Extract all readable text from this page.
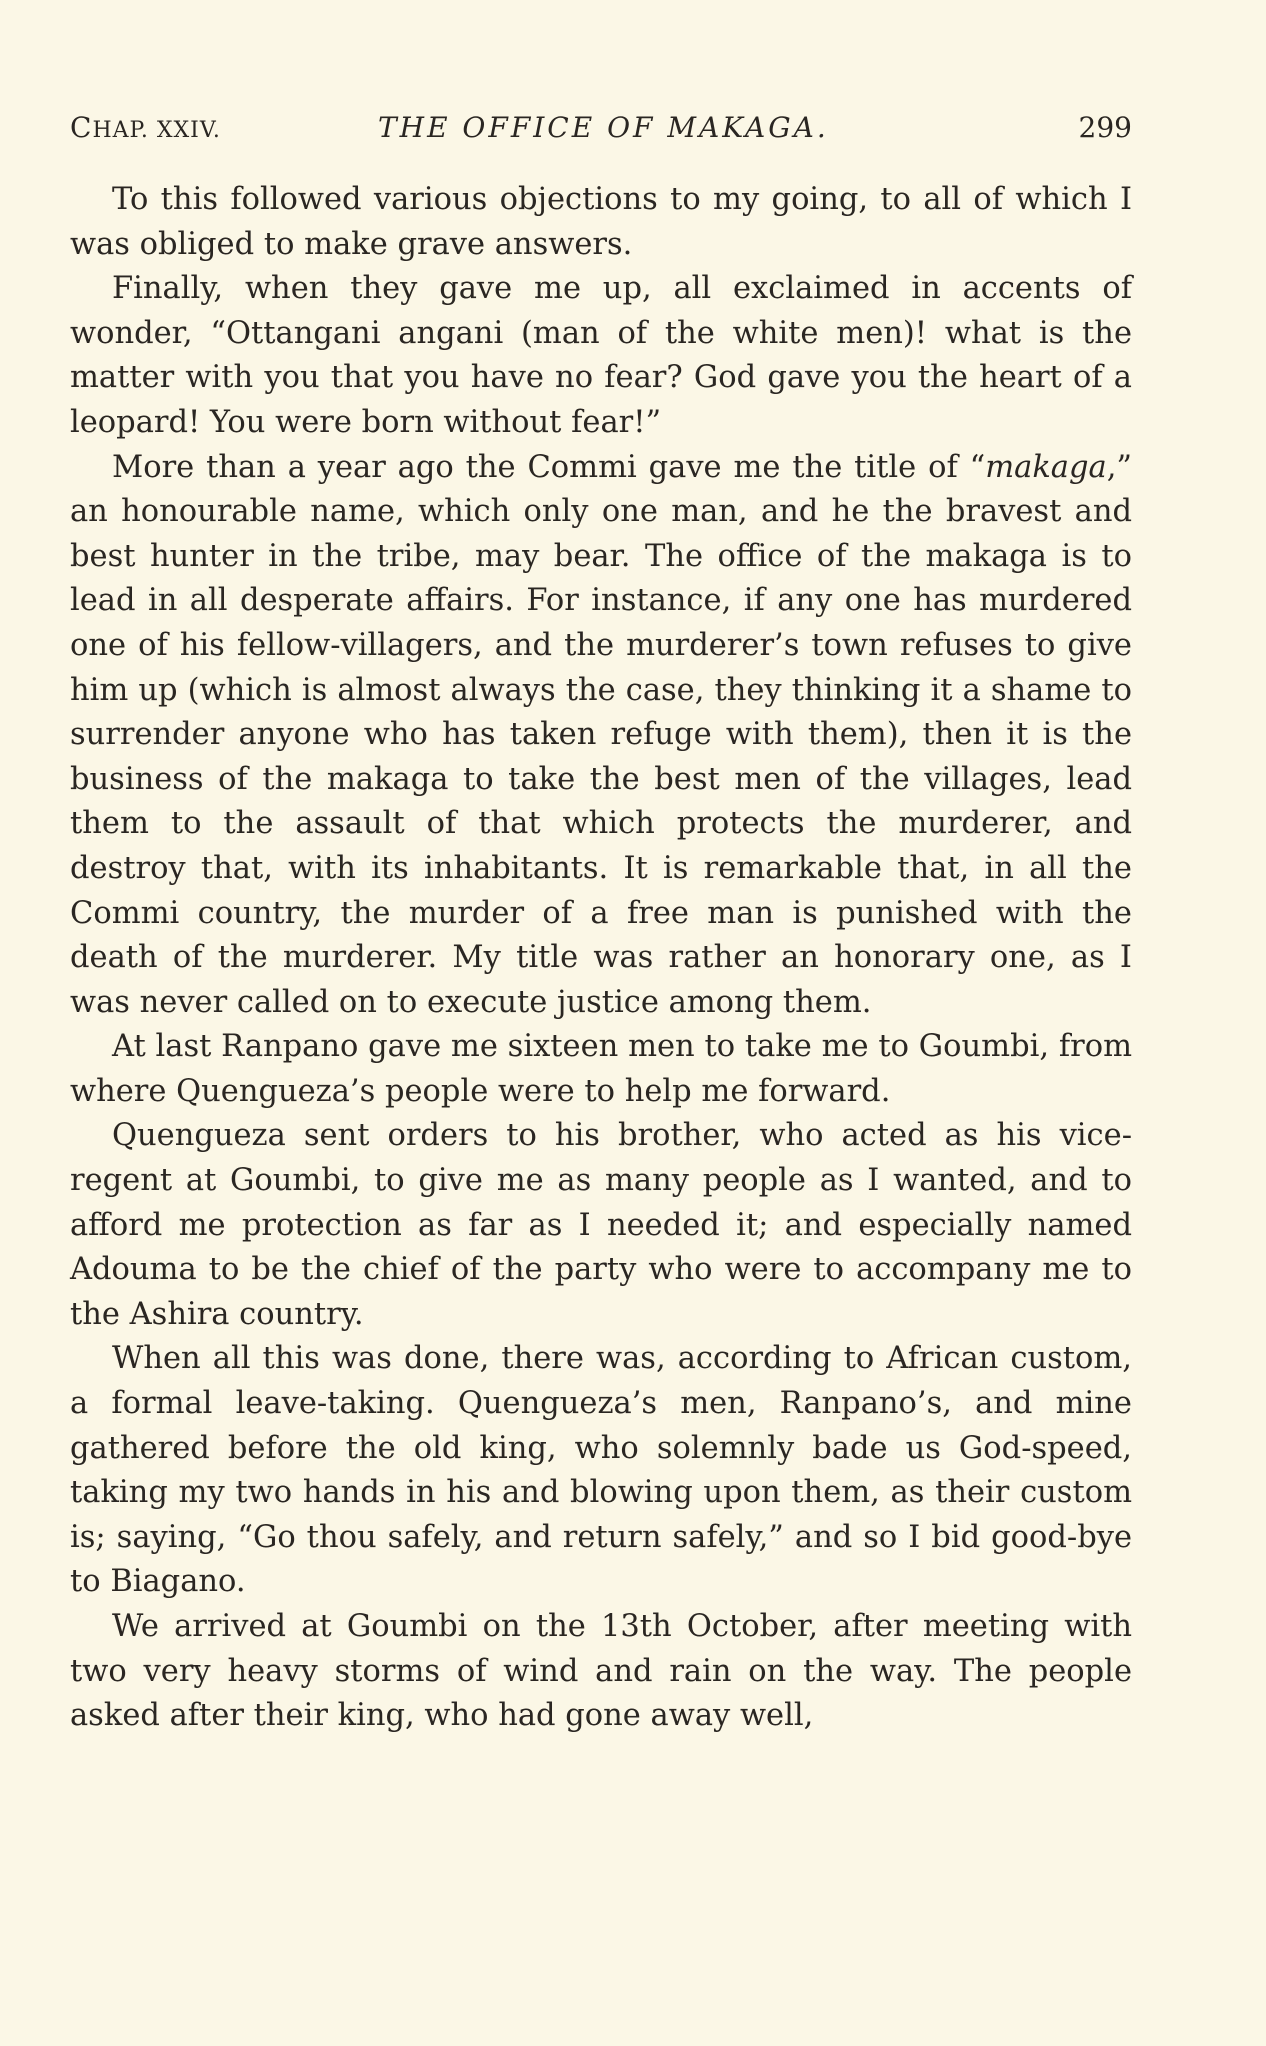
CHAP. XXIV.	THE OFFICE OF MAKAGA.	299

To this followed various objections to my going, to all of which I was obliged to make grave answers.

Finally, when they gave me up, all exclaimed in accents of wonder, “Ottangani angani (man of the white men)! what is the matter with you that you have no fear? God gave you the heart of a leopard! You were born without fear!”

More than a year ago the Commi gave me the title of “makaga,” an honourable name, which only one man, and he the bravest and best hunter in the tribe, may bear. The office of the makaga is to lead in all desperate affairs. For instance, if any one has murdered one of his fellow-villagers, and the murderer’s town refuses to give him up (which is almost always the case, they thinking it a shame to surrender anyone who has taken refuge with them), then it is the business of the makaga to take the best men of the villages, lead them to the assault of that which protects the murderer, and destroy that, with its inhabitants. It is remarkable that, in all the Commi country, the murder of a free man is punished with the death of the murderer. My title was rather an honorary one, as I was never called on to execute justice among them.

At last Ranpano gave me sixteen men to take me to Goumbi, from where Quengueza’s people were to help me forward.

Quengueza sent orders to his brother, who acted as his vice-regent at Goumbi, to give me as many people as I wanted, and to afford me protection as far as I needed it; and especially named Adouma to be the chief of the party who were to accompany me to the Ashira country.

When all this was done, there was, according to African custom, a formal leave-taking. Quengueza’s men, Ranpano’s, and mine gathered before the old king, who solemnly bade us God-speed, taking my two hands in his and blowing upon them, as their custom is; saying, “Go thou safely, and return safely,” and so I bid good-bye to Biagano.

We arrived at Goumbi on the 13th October, after meeting with two very heavy storms of wind and rain on the way. The people asked after their king, who had gone away well,
